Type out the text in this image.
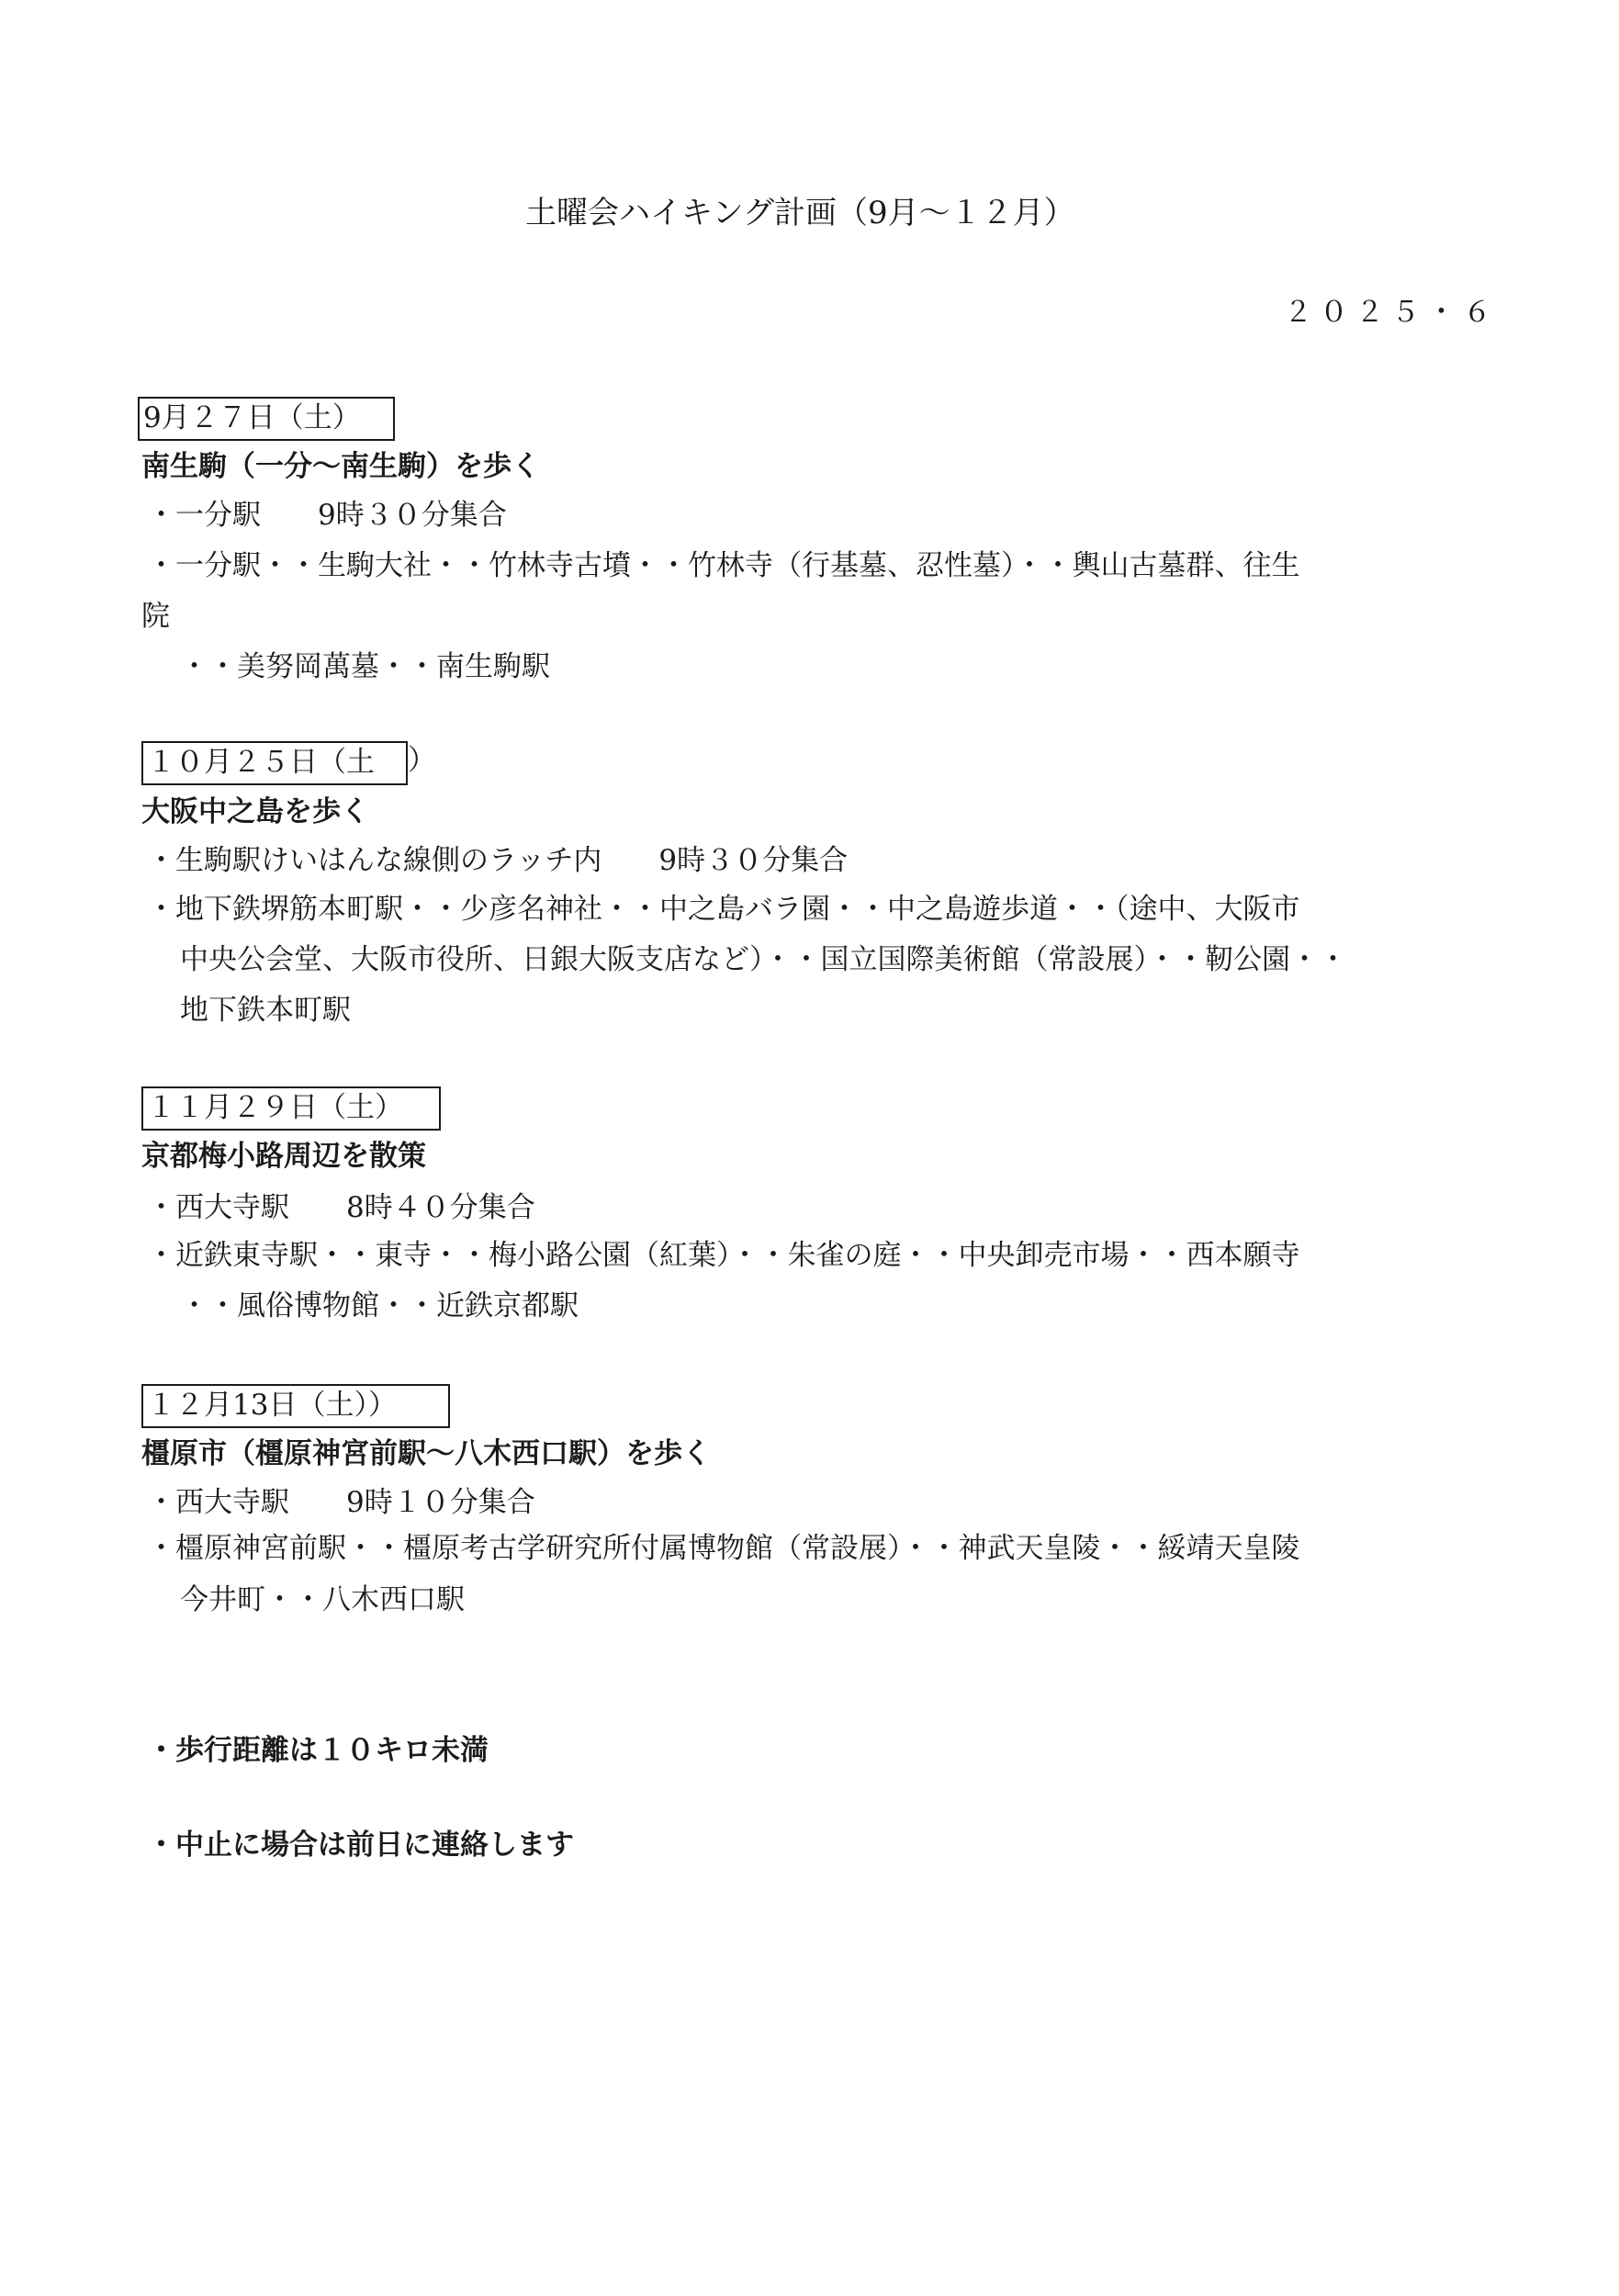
土曜会ハイキング計画（9月～１２月）
２０２５・６
9月２７日（土）
南生駒（一分～南生駒）を歩く
・一分駅　　9時３０分集合
・一分駅・・生駒大社・・竹林寺古墳・・竹林寺（行基墓、忍性墓）・・輿山古墓群、往生
院
・・美努岡萬墓・・南生駒駅
１０月２５日（土	）
大阪中之島を歩く
・生駒駅けいはんな線側のラッチ内　　9時３０分集合
・地下鉄堺筋本町駅・・少彦名神社・・中之島バラ園・・中之島遊歩道・・（途中、大阪市
中央公会堂、大阪市役所、日銀大阪支店など）・・国立国際美術館（常設展）・・靭公園・・
地下鉄本町駅
１１月２９日（土）
京都梅小路周辺を散策
・西大寺駅　　8時４０分集合
・近鉄東寺駅・・東寺・・梅小路公園（紅葉）・・朱雀の庭・・中央卸売市場・・西本願寺
・・風俗博物館・・近鉄京都駅
１２月13日（土））
橿原市（橿原神宮前駅～八木西口駅）を歩く
・西大寺駅　　9時１０分集合
・橿原神宮前駅・・橿原考古学研究所付属博物館（常設展）・・神武天皇陵・・綏靖天皇陵
今井町・・八木西口駅
・歩行距離は１０キロ未満
・中止に場合は前日に連絡します
